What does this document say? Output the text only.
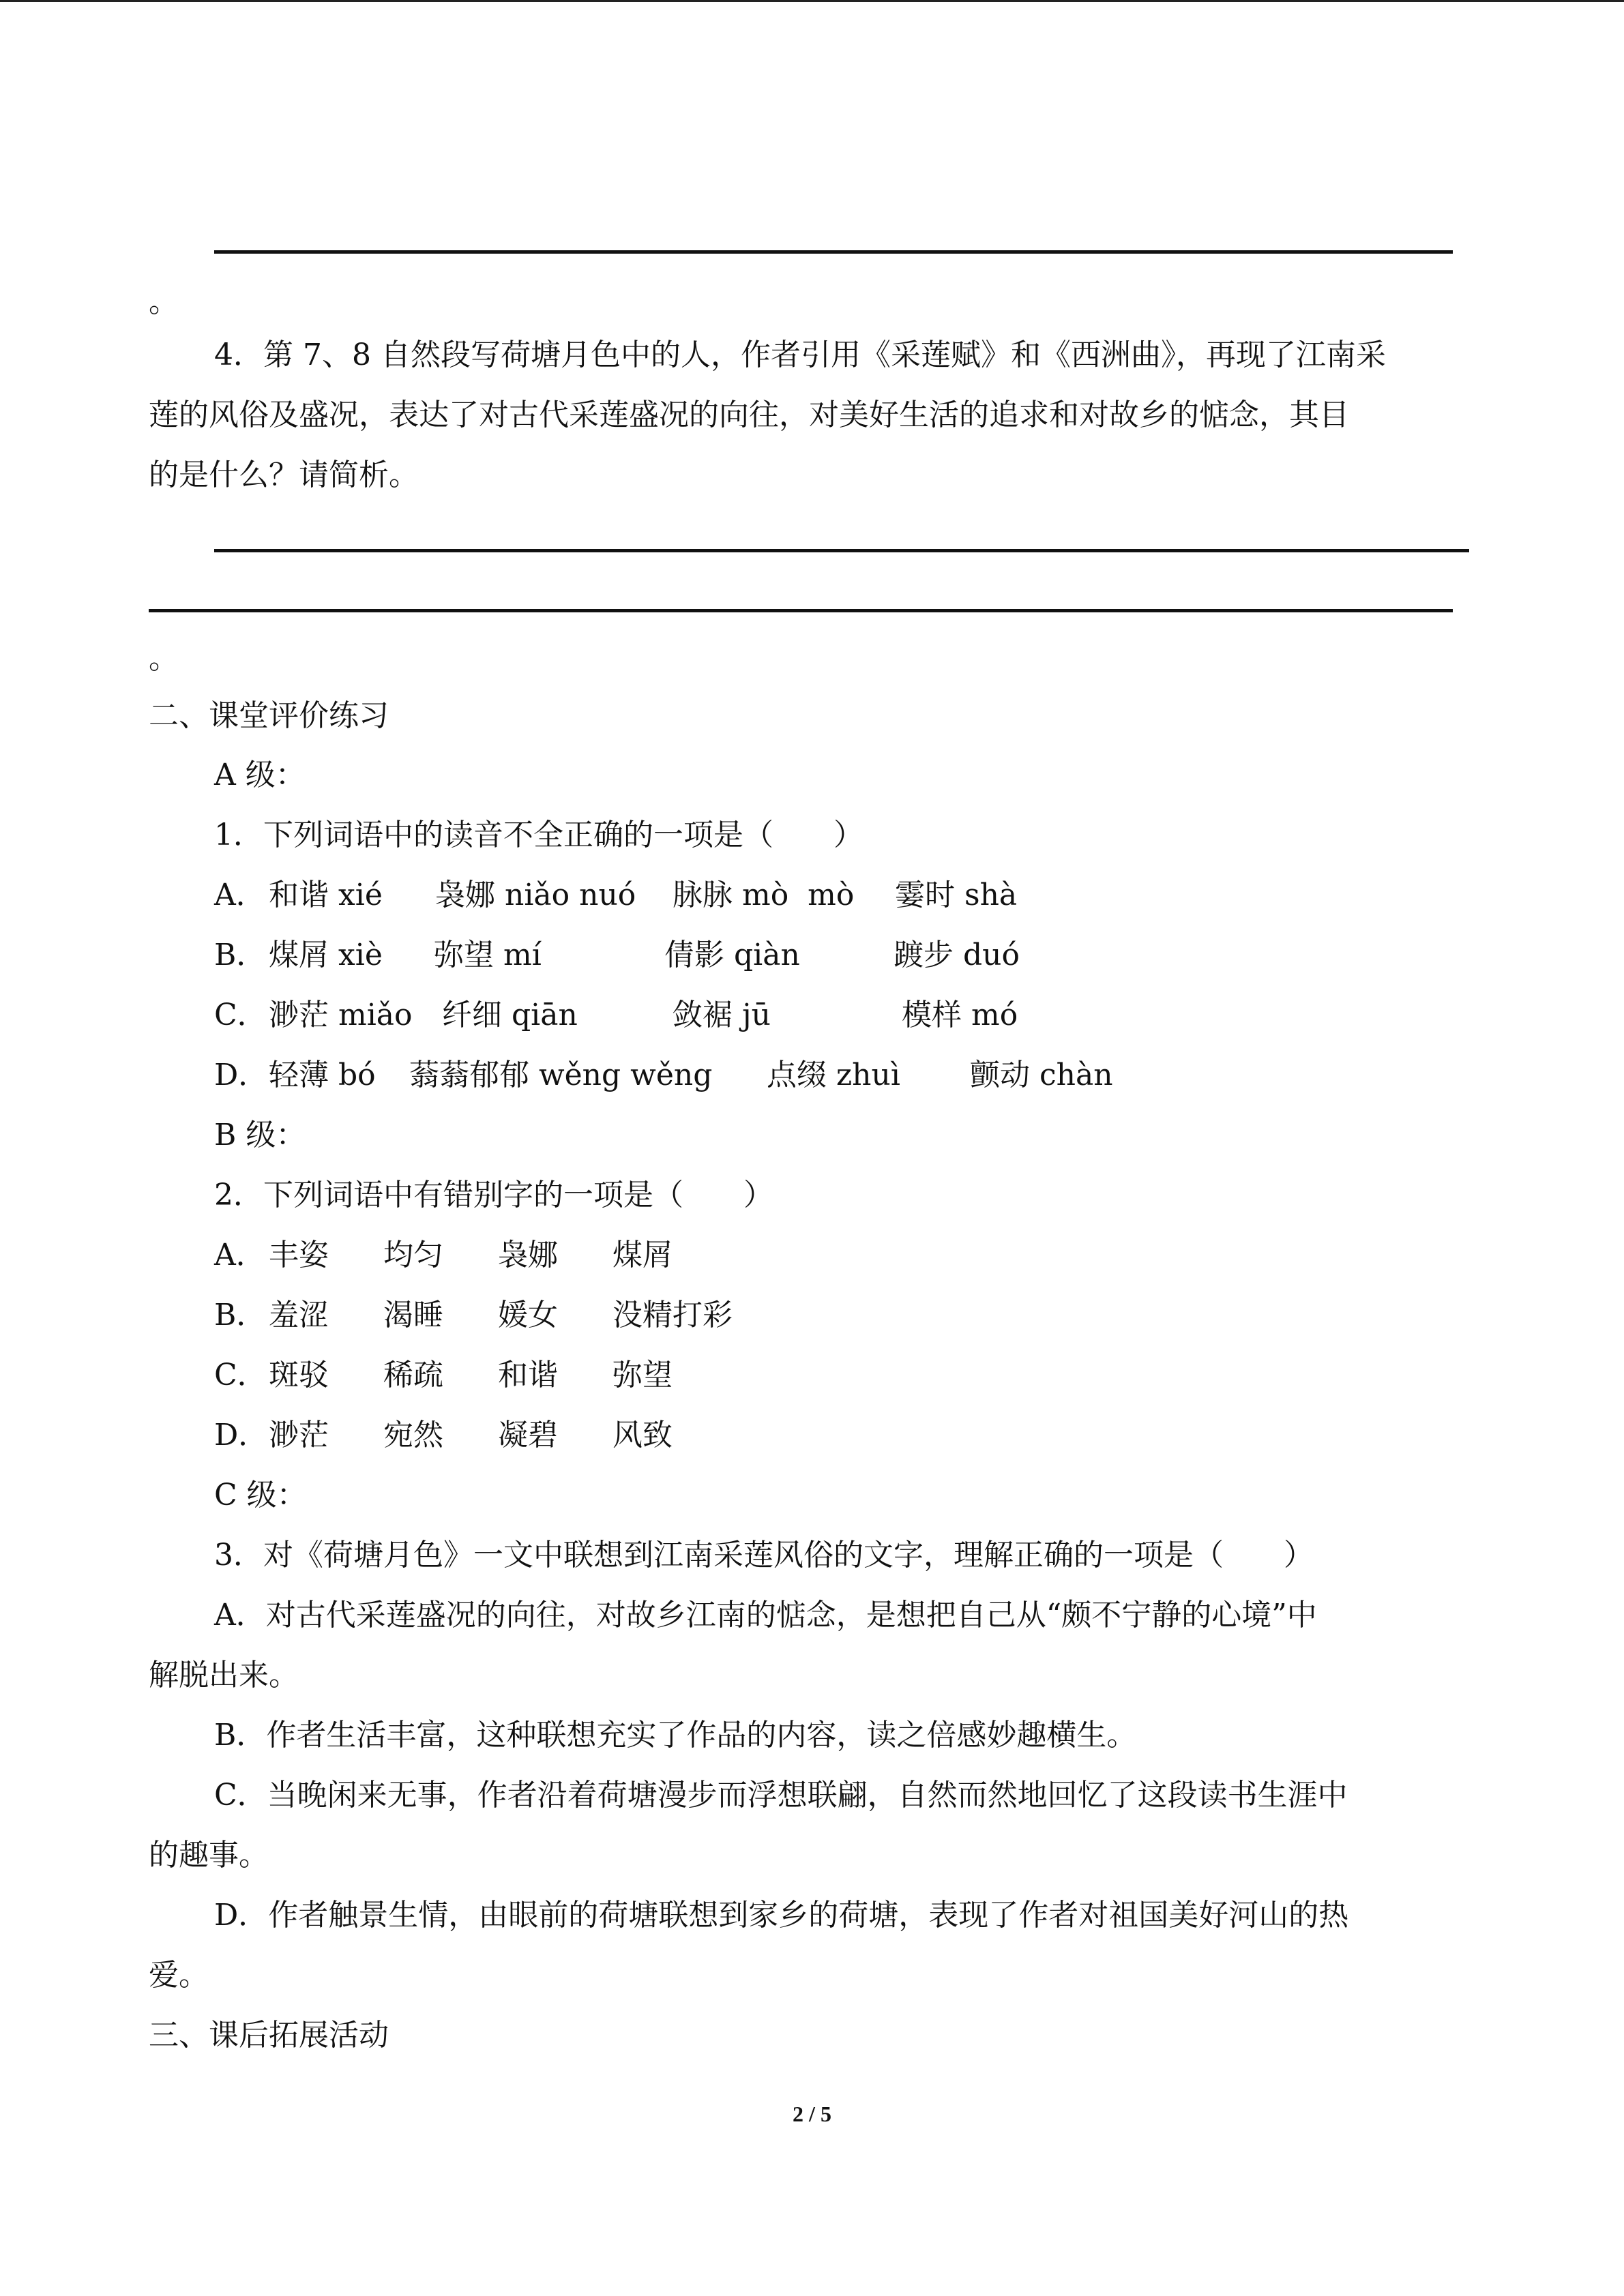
。
4．第 7、8 自然段写荷塘月色中的人，作者引用《采莲赋》和《西洲曲》，再现了江南采
莲的风俗及盛况，表达了对古代采莲盛况的向往，对美好生活的追求和对故乡的惦念，其目
的是什么？请简析。
。
二、课堂评价练习
A 级：
1．下列词语中的读音不全正确的一项是（　　）
A． 和谐 xié 袅娜 niǎo nuó 脉脉 mò  mò 霎时 shà
B． 煤屑 xiè 弥望 mí	倩影 qiàn	踱步 duó
C． 渺茫 miǎo 纤细 qiān	敛裾 jū	模样 mó
D． 轻薄 bó 蓊蓊郁郁 wěng wěng 点缀 zhuì 颤动 chàn
B 级：
2．下列词语中有错别字的一项是（　　）
A． 丰姿 均匀 袅娜 煤屑
B． 羞涩 渴睡 媛女 没精打彩
C． 斑驳 稀疏 和谐 弥望
D． 渺茫 宛然 凝碧 风致
C 级：
3．对《荷塘月色》一文中联想到江南采莲风俗的文字，理解正确的一项是（　　）
A．对古代采莲盛况的向往，对故乡江南的惦念，是想把自己从“颇不宁静的心境”中
解脱出来。
B．作者生活丰富，这种联想充实了作品的内容，读之倍感妙趣横生。
C．当晚闲来无事，作者沿着荷塘漫步而浮想联翩，自然而然地回忆了这段读书生涯中
的趣事。
D．作者触景生情，由眼前的荷塘联想到家乡的荷塘，表现了作者对祖国美好河山的热
爱。
三、课后拓展活动
2 / 5
